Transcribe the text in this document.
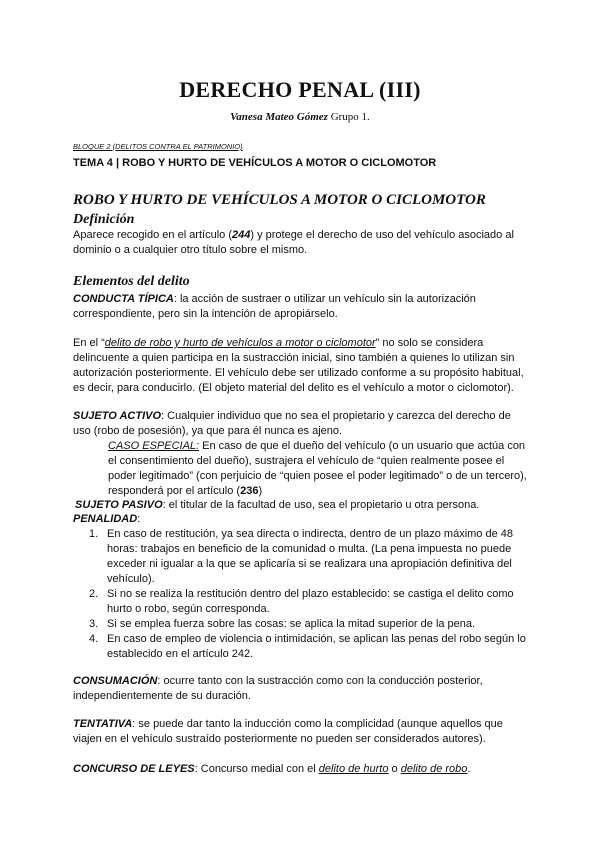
DERECHO PENAL (III)
Vanesa Mateo Gómez Grupo 1.
BLOQUE 2 (DELITOS CONTRA EL PATRIMONIO)
TEMA 4 | ROBO Y HURTO DE VEHÍCULOS A MOTOR O CICLOMOTOR
ROBO Y HURTO DE VEHÍCULOS A MOTOR O CICLOMOTOR
Definición

Aparece recogido en el artículo (244) y protege el derecho de uso del vehículo asociado al dominio o a cualquier otro título sobre el mismo.

Elementos del delito

CONDUCTA TÍPICA: la acción de sustraer o utilizar un vehículo sin la autorización correspondiente, pero sin la intención de apropiárselo.

En el “delito de robo y hurto de vehículos a motor o ciclomotor” no solo se considera delincuente a quien participa en la sustracción inicial, sino también a quienes lo utilizan sin autorización posteriormente. El vehículo debe ser utilizado conforme a su propósito habitual, es decir, para conducirlo. (El objeto material del delito es el vehículo a motor o ciclomotor).

SUJETO ACTIVO: Cualquier individuo que no sea el propietario y carezca del derecho de uso (robo de posesión), ya que para él nunca es ajeno.

CASO ESPECIAL: En caso de que el dueño del vehículo (o un usuario que actúa con el consentimiento del dueño), sustrajera el vehículo de “quien realmente posee el poder legitimado” (con perjuicio de “quien posee el poder legitimado” o de un tercero), responderá por el artículo (236)

SUJETO PASIVO: el titular de la facultad de uso, sea el propietario u otra persona.

PENALIDAD:

1. En caso de restitución, ya sea directa o indirecta, dentro de un plazo máximo de 48 horas: trabajos en beneficio de la comunidad o multa. (La pena impuesta no puede exceder ni igualar a la que se aplicaría si se realizara una apropiación definitiva del vehículo).
2. Si no se realiza la restitución dentro del plazo establecido: se castiga el delito como hurto o robo, según corresponda.
3. Si se emplea fuerza sobre las cosas: se aplica la mitad superior de la pena.
4. En caso de empleo de violencia o intimidación, se aplican las penas del robo según lo establecido en el artículo 242.

CONSUMACIÓN: ocurre tanto con la sustracción como con la conducción posterior, independientemente de su duración.

TENTATIVA: se puede dar tanto la inducción como la complicidad (aunque aquellos que viajen en el vehículo sustraído posteriormente no pueden ser considerados autores).

CONCURSO DE LEYES: Concurso medial con el delito de hurto o delito de robo.
